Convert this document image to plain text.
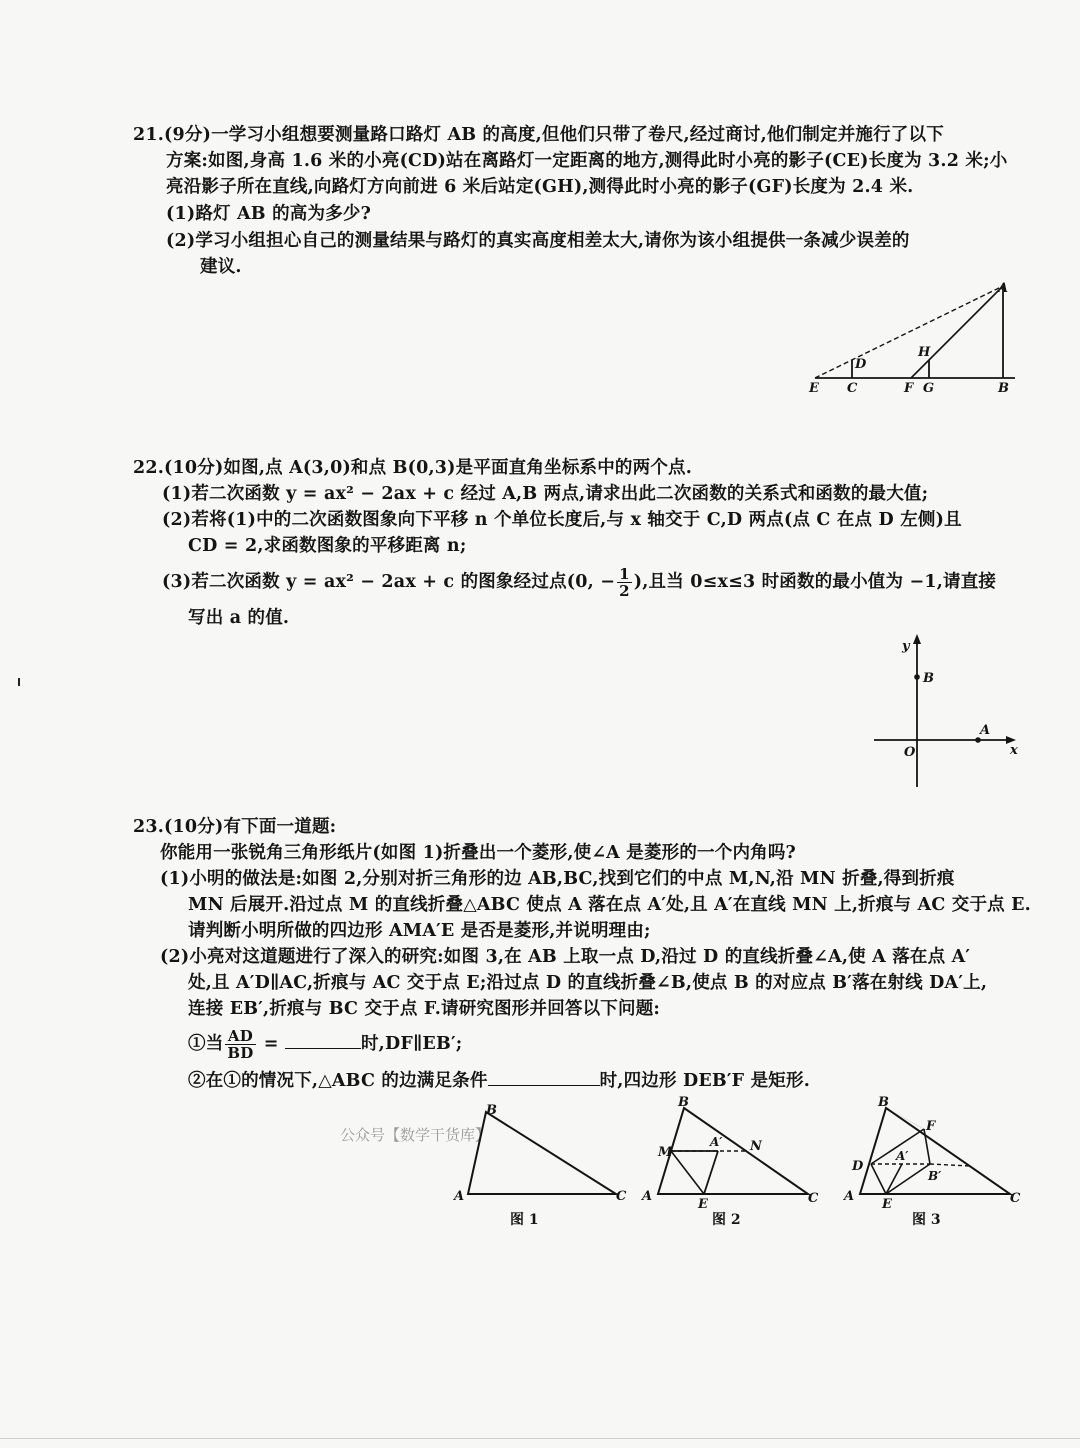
21.(9分)一学习小组想要测量路口路灯 AB 的高度,但他们只带了卷尺,经过商讨,他们制定并施行了以下
方案:如图,身高 1.6 米的小亮(CD)站在离路灯一定距离的地方,测得此时小亮的影子(CE)长度为 3.2 米;小
亮沿影子所在直线,向路灯方向前进 6 米后站定(GH),测得此时小亮的影子(GF)长度为 2.4 米.
(1)路灯 AB 的高为多少?
(2)学习小组担心自己的测量结果与路灯的真实高度相差太大,请你为该小组提供一条减少误差的
建议.
A
H
D
E C	F G	B
22.(10分)如图,点 A(3,0)和点 B(0,3)是平面直角坐标系中的两个点.
(1)若二次函数 y = ax² − 2ax + c 经过 A,B 两点,请求出此二次函数的关系式和函数的最大值;
(2)若将(1)中的二次函数图象向下平移 n 个单位长度后,与 x 轴交于 C,D 两点(点 C 在点 D 左侧)且
CD = 2,求函数图象的平移距离 n;
(3)若二次函数 y = ax² − 2ax + c 的图象经过点(0, − $\frac{1}{2}$ ),且当 0≤x≤3 时函数的最小值为 −1,请直接
写出 a 的值.
y
B
A
O	x
23.(10分)有下面一道题:
你能用一张锐角三角形纸片(如图 1)折叠出一个菱形,使∠A 是菱形的一个内角吗?
(1)小明的做法是:如图 2,分别对折三角形的边 AB,BC,找到它们的中点 M,N,沿 MN 折叠,得到折痕
MN 后展开.沿过点 M 的直线折叠△ABC 使点 A 落在点 A′处,且 A′在直线 MN 上,折痕与 AC 交于点 E.
请判断小明所做的四边形 AMA′E 是否是菱形,并说明理由;
(2)小亮对这道题进行了深入的研究:如图 3,在 AB 上取一点 D,沿过 D 的直线折叠∠A,使 A 落在点 A′
处,且 A′D∥AC,折痕与 AC 交于点 E;沿过点 D 的直线折叠∠B,使点 B 的对应点 B′落在射线 DA′上,
连接 EB′,折痕与 BC 交于点 F.请研究图形并回答以下问题:
①当 $\frac{AD}{BD}$ =	时,DF∥EB′;
②在①的情况下,△ABC 的边满足条件	时,四边形 DEB′F 是矩形.
公众号【数学干货库】
B
A	C
图 1
B
M
A′ N
A
E	C
图 2
B
F
D
A′
B′
A
E	C
图 3
